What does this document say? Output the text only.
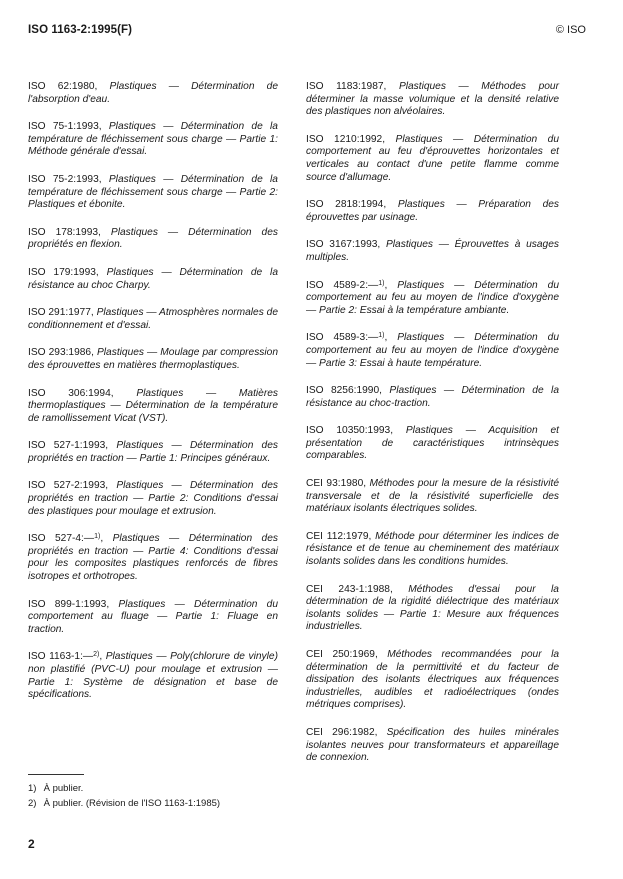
ISO 1163-2:1995(F)	© ISO

ISO 62:1980, Plastiques — Détermination de l'absorption d'eau.

ISO 75-1:1993, Plastiques — Détermination de la température de fléchissement sous charge — Partie 1: Méthode générale d'essai.

ISO 75-2:1993, Plastiques — Détermination de la température de fléchissement sous charge — Partie 2: Plastiques et ébonite.

ISO 178:1993, Plastiques — Détermination des propriétés en flexion.

ISO 179:1993, Plastiques — Détermination de la résistance au choc Charpy.

ISO 291:1977, Plastiques — Atmosphères normales de conditionnement et d'essai.

ISO 293:1986, Plastiques — Moulage par compression des éprouvettes en matières thermoplastiques.

ISO 306:1994, Plastiques — Matières thermoplastiques — Détermination de la température de ramollissement Vicat (VST).

ISO 527-1:1993, Plastiques — Détermination des propriétés en traction — Partie 1: Principes généraux.

ISO 527-2:1993, Plastiques — Détermination des propriétés en traction — Partie 2: Conditions d'essai des plastiques pour moulage et extrusion.

ISO 527-4:—$^{1)}$, Plastiques — Détermination des propriétés en traction — Partie 4: Conditions d'essai pour les composites plastiques renforcés de fibres isotropes et orthotropes.

ISO 899-1:1993, Plastiques — Détermination du comportement au fluage — Partie 1: Fluage en traction.

ISO 1163-1:—$^{2)}$, Plastiques — Poly(chlorure de vinyle) non plastifié (PVC-U) pour moulage et extrusion — Partie 1: Système de désignation et base de spécifications.

ISO 1183:1987, Plastiques — Méthodes pour déterminer la masse volumique et la densité relative des plastiques non alvéolaires.

ISO 1210:1992, Plastiques — Détermination du comportement au feu d'éprouvettes horizontales et verticales au contact d'une petite flamme comme source d'allumage.

ISO 2818:1994, Plastiques — Préparation des éprouvettes par usinage.

ISO 3167:1993, Plastiques — Éprouvettes à usages multiples.

ISO 4589-2:—$^{1)}$, Plastiques — Détermination du comportement au feu au moyen de l'indice d'oxygène — Partie 2: Essai à la température ambiante.

ISO 4589-3:—$^{1)}$, Plastiques — Détermination du comportement au feu au moyen de l'indice d'oxygène — Partie 3: Essai à haute température.

ISO 8256:1990, Plastiques — Détermination de la résistance au choc-traction.

ISO 10350:1993, Plastiques — Acquisition et présentation de caractéristiques intrinsèques comparables.

CEI 93:1980, Méthodes pour la mesure de la résistivité transversale et de la résistivité superficielle des matériaux isolants électriques solides.

CEI 112:1979, Méthode pour déterminer les indices de résistance et de tenue au cheminement des matériaux isolants solides dans les conditions humides.

CEI 243-1:1988, Méthodes d'essai pour la détermination de la rigidité diélectrique des matériaux isolants solides — Partie 1: Mesure aux fréquences industrielles.

CEI 250:1969, Méthodes recommandées pour la détermination de la permittivité et du facteur de dissipation des isolants électriques aux fréquences industrielles, audibles et radioélectriques (ondes métriques comprises).

CEI 296:1982, Spécification des huiles minérales isolantes neuves pour transformateurs et appareillage de connexion.

1) À publier.
2) À publier. (Révision de l'ISO 1163-1:1985)
2
